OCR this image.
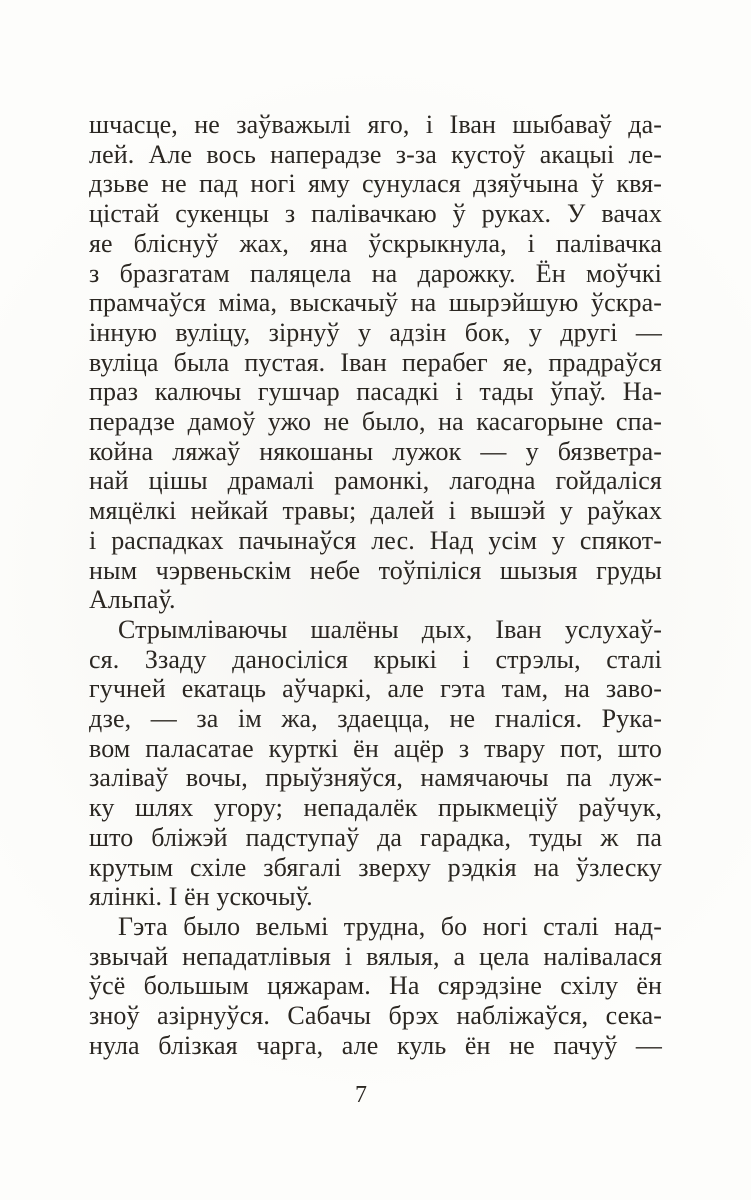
шчасце, не заўважылі яго, і Іван шыбаваў да-
лей. Але вось наперадзе з-за кустоў акацыі ле-
дзьве не пад ногі яму сунулася дзяўчына ў квя-
цістай сукенцы з палівачкаю ў руках. У вачах
яе бліснуў жах, яна ўскрыкнула, і палівачка
з бразгатам паляцела на дарожку. Ён моўчкі
прамчаўся міма, выскачыў на шырэйшую ўскра-
інную вуліцу, зірнуў у адзін бок, у другі —
вуліца была пустая. Іван перабег яе, прадраўся
праз калючы гушчар пасадкі і тады ўпаў. На-
перадзе дамоў ужо не было, на касагорыне спа-
койна ляжаў някошаны лужок — у бязветра-
най цішы драмалі рамонкі, лагодна гойдаліся
мяцёлкі нейкай травы; далей і вышэй у раўках
і распадках пачынаўся лес. Над усім у спякот-
ным чэрвеньскім небе тоўпіліся шызыя груды
Альпаў.
Стрымліваючы шалёны дых, Іван услухаў-
ся. Ззаду даносіліся крыкі і стрэлы, сталі
гучней екатаць аўчаркі, але гэта там, на заво-
дзе, — за ім жа, здаецца, не гналіся. Рука-
вом паласатае курткі ён ацёр з твару пот, што
заліваў вочы, прыўзняўся, намячаючы па луж-
ку шлях угору; непадалёк прыкмеціў раўчук,
што бліжэй падступаў да гарадка, туды ж па
крутым схіле збягалі зверху рэдкія на ўзлеску
ялінкі. І ён ускочыў.
Гэта было вельмі трудна, бо ногі сталі над-
звычай непадатлівыя і вялыя, а цела налівалася
ўсё большым цяжарам. На сярэдзіне схілу ён
зноў азірнуўся. Сабачы брэх набліжаўся, сека-
нула блізкая чарга, але куль ён не пачуў —
7
